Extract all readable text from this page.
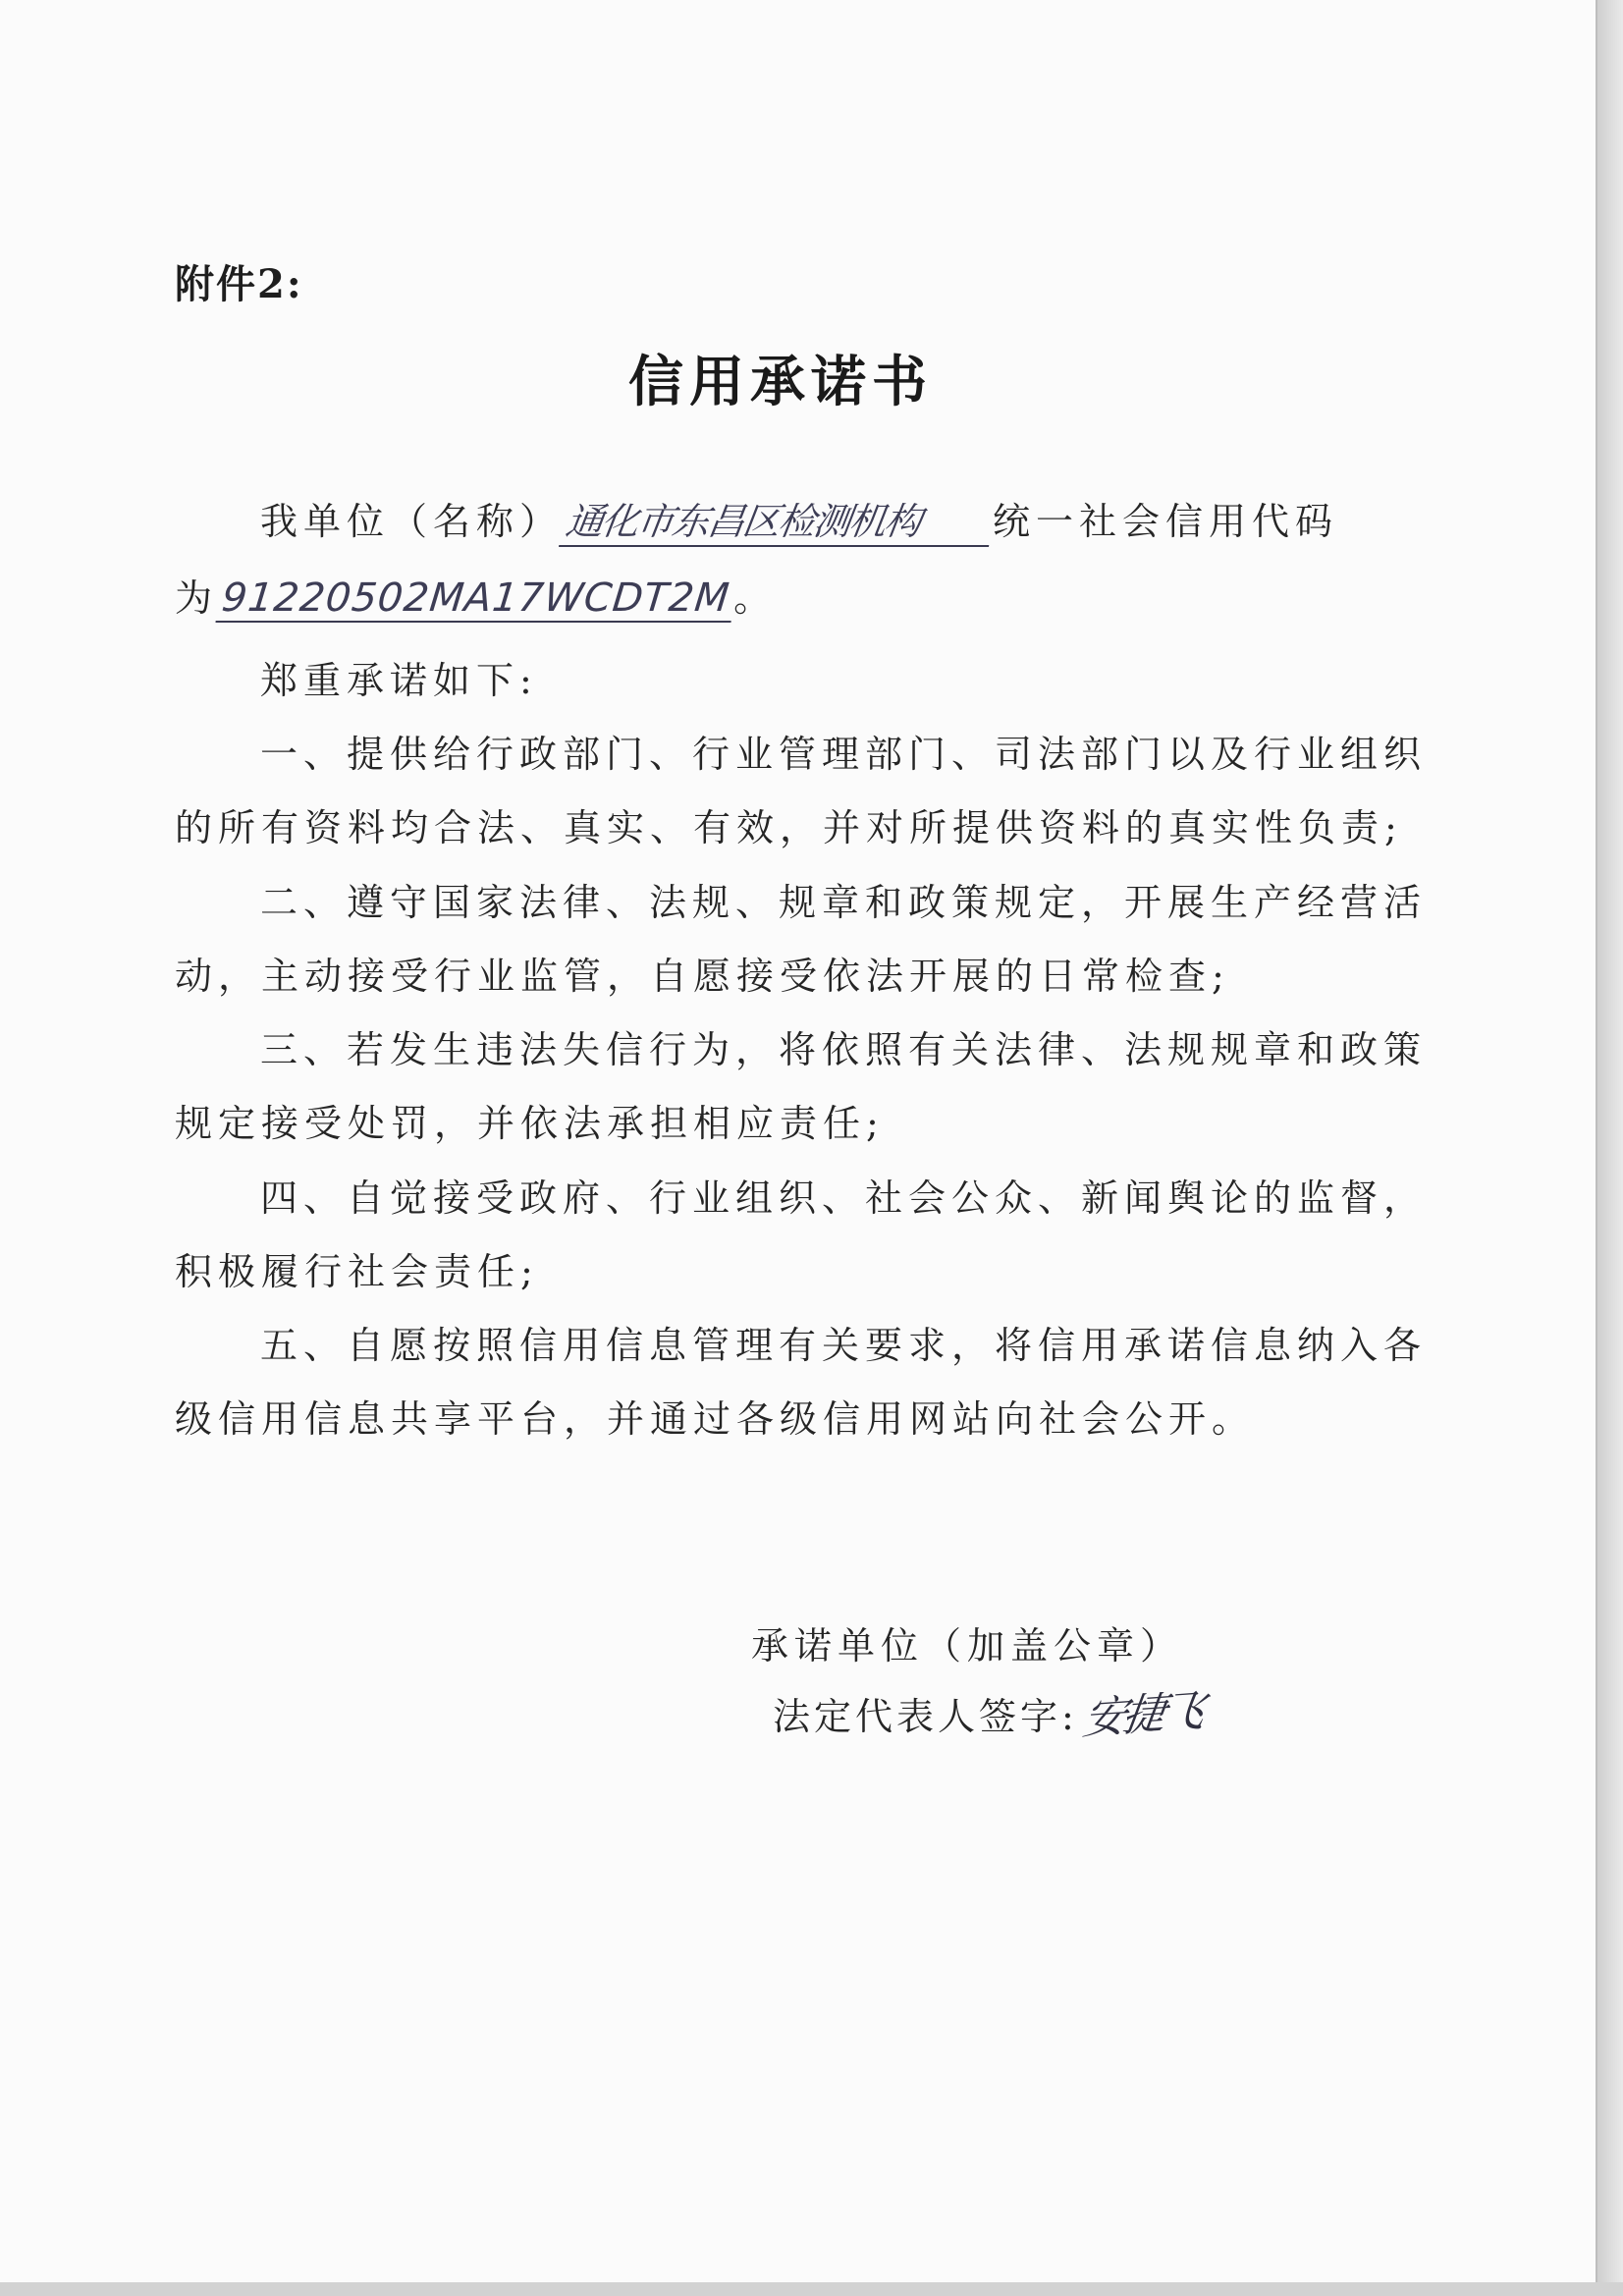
附件2:
信用承诺书
我单位（名称）通化市东昌区检测机构 统一社会信用代码
为91220502MA17WCDT2M。
郑重承诺如下:
一、提供给行政部门、行业管理部门、司法部门以及行业组织
的所有资料均合法、真实、有效，并对所提供资料的真实性负责;
二、遵守国家法律、法规、规章和政策规定，开展生产经营活
动，主动接受行业监管，自愿接受依法开展的日常检查;
三、若发生违法失信行为，将依照有关法律、法规规章和政策
规定接受处罚，并依法承担相应责任;
四、自觉接受政府、行业组织、社会公众、新闻舆论的监督，
积极履行社会责任;
五、自愿按照信用信息管理有关要求，将信用承诺信息纳入各
级信用信息共享平台，并通过各级信用网站向社会公开。
承诺单位（加盖公章）
法定代表人签字:安捷飞
